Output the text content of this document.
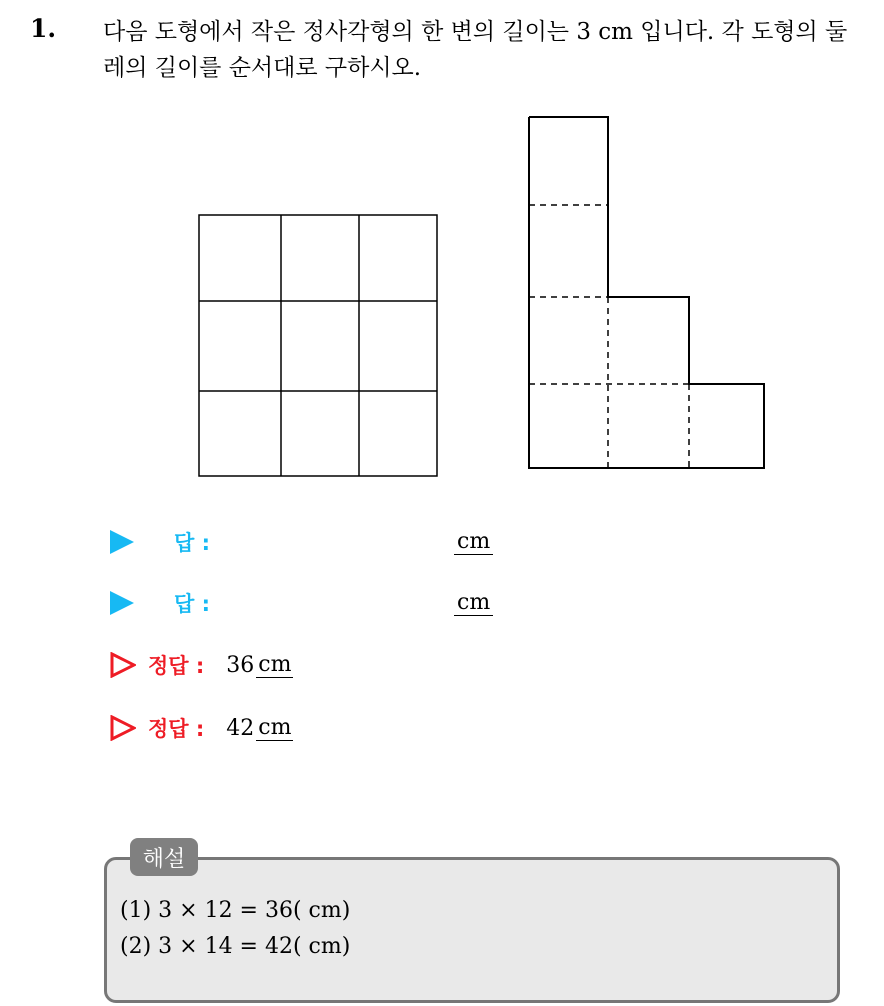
1. 다음 도형에서 작은 정사각형의 한 변의 길이는 3 cm 입니다. 각 도형의 둘레의 길이를 순서대로 구하시오.
답 :	cm
답 :	cm
정답 : 36 cm
정답 : 42 cm
해설
(1) 3 × 12 = 36( cm)
(2) 3 × 14 = 42( cm)
